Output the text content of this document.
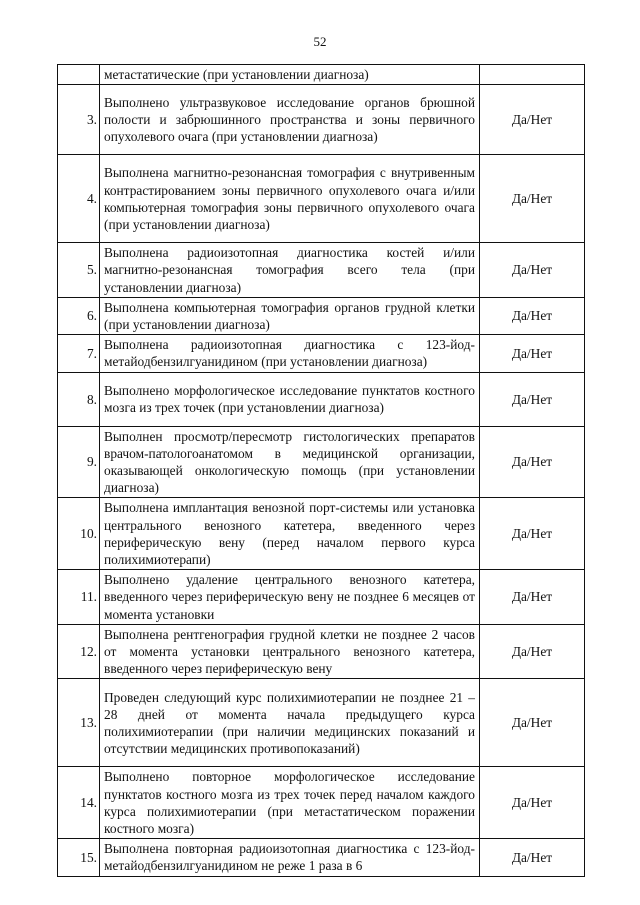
52
	метастатические (при установлении диагноза)	
3.	Выполнено ультразвуковое исследование органов брюшной полости и забрюшинного пространства и зоны первичного опухолевого очага (при установлении диагноза)	Да/Нет
4.	Выполнена магнитно-резонансная томография с внутривенным контрастированием зоны первичного опухолевого очага и/или компьютерная томография зоны первичного опухолевого очага (при установлении диагноза)	Да/Нет
5.	Выполнена радиоизотопная диагностика костей и/или магнитно-резонансная томография всего тела (при установлении диагноза)	Да/Нет
6.	Выполнена компьютерная томография органов грудной клетки (при установлении диагноза)	Да/Нет
7.	Выполнена радиоизотопная диагностика с 123-йод-метайодбензилгуанидином (при установлении диагноза)	Да/Нет
8.	Выполнено морфологическое исследование пунктатов костного мозга из трех точек (при установлении диагноза)	Да/Нет
9.	Выполнен просмотр/пересмотр гистологических препаратов врачом-патологоанатомом в медицинской организации, оказывающей онкологическую помощь (при установлении диагноза)	Да/Нет
10.	Выполнена имплантация венозной порт-системы или установка центрального венозного катетера, введенного через периферическую вену (перед началом первого курса полихимиотерапи)	Да/Нет
11.	Выполнено удаление центрального венозного катетера, введенного через периферическую вену не позднее 6 месяцев от момента установки	Да/Нет
12.	Выполнена рентгенография грудной клетки не позднее 2 часов от момента установки центрального венозного катетера, введенного через периферическую вену	Да/Нет
13.	Проведен следующий курс полихимиотерапии не позднее 21 – 28 дней от момента начала предыдущего курса полихимиотерапии (при наличии медицинских показаний и отсутствии медицинских противопоказаний)	Да/Нет
14.	Выполнено повторное морфологическое исследование пунктатов костного мозга из трех точек перед началом каждого курса полихимиотерапии (при метастатическом поражении костного мозга)	Да/Нет
15.	Выполнена повторная радиоизотопная диагностика с 123-йод-метайодбензилгуанидином не реже 1 раза в 6	Да/Нет
